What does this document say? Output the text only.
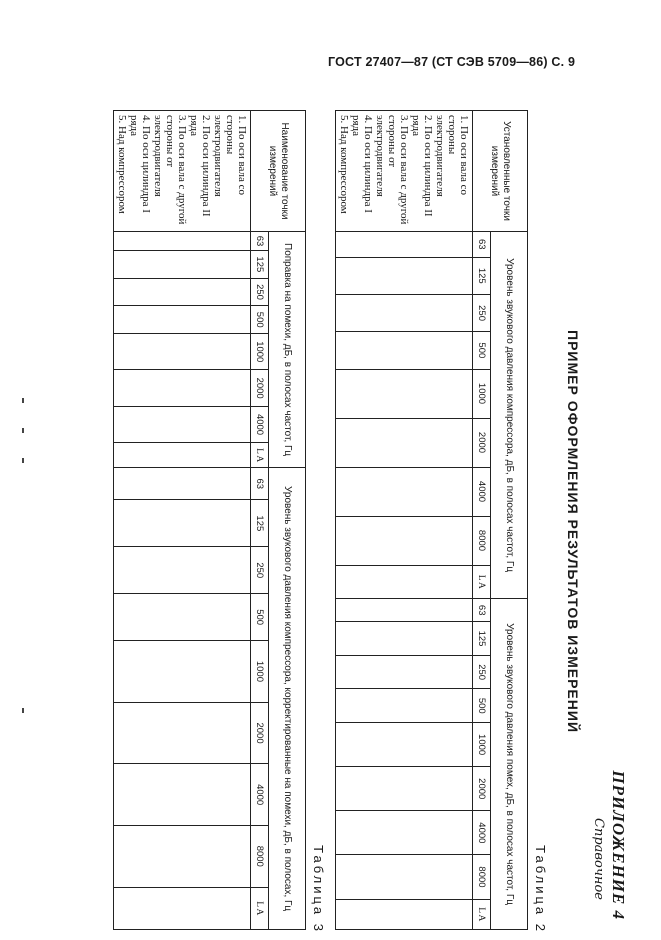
ГОСТ 27407—87 (СТ СЭВ 5709—86) С. 9
ПРИЛОЖЕНИЕ 4
Справочное
ПРИМЕР ОФОРМЛЕНИЯ РЕЗУЛЬТАТОВ ИЗМЕРЕНИЙ
Таблица 2
Установленные точки измерений	Уровень звукового давления компрессора, дБ, в полосах частот, Гц									Уровень звукового давления помех, дБ, в полосах частот, Гц								
	63	125	250	500	1000	2000	4000	8000	L A	63	125	250	500	1000	2000	4000	8000	L A

1. По оси вала со стороны электродвигателя
2. По оси цилиндра II ряда
3. По оси вала с другой стороны от электродвигателя
4. По оси цилиндра I ряда
5. Над компрессором																		

Таблица 3
Наименование точки измерений	Поправка на помехи, дБ, в полосах частот, Гц								Уровень звукового давления компрессора, корректированные на помехи, дБ, в полосах, Гц								
	63	125	250	500	1000	2000	4000	L A	63	125	250	500	1000	2000	4000	8000	L A

1. По оси вала со стороны электродвигателя
2. По оси цилиндра II ряда
3. По оси вала с другой стороны от электродвигателя
4. По оси цилиндра I ряда
5. Над компрессором																	
